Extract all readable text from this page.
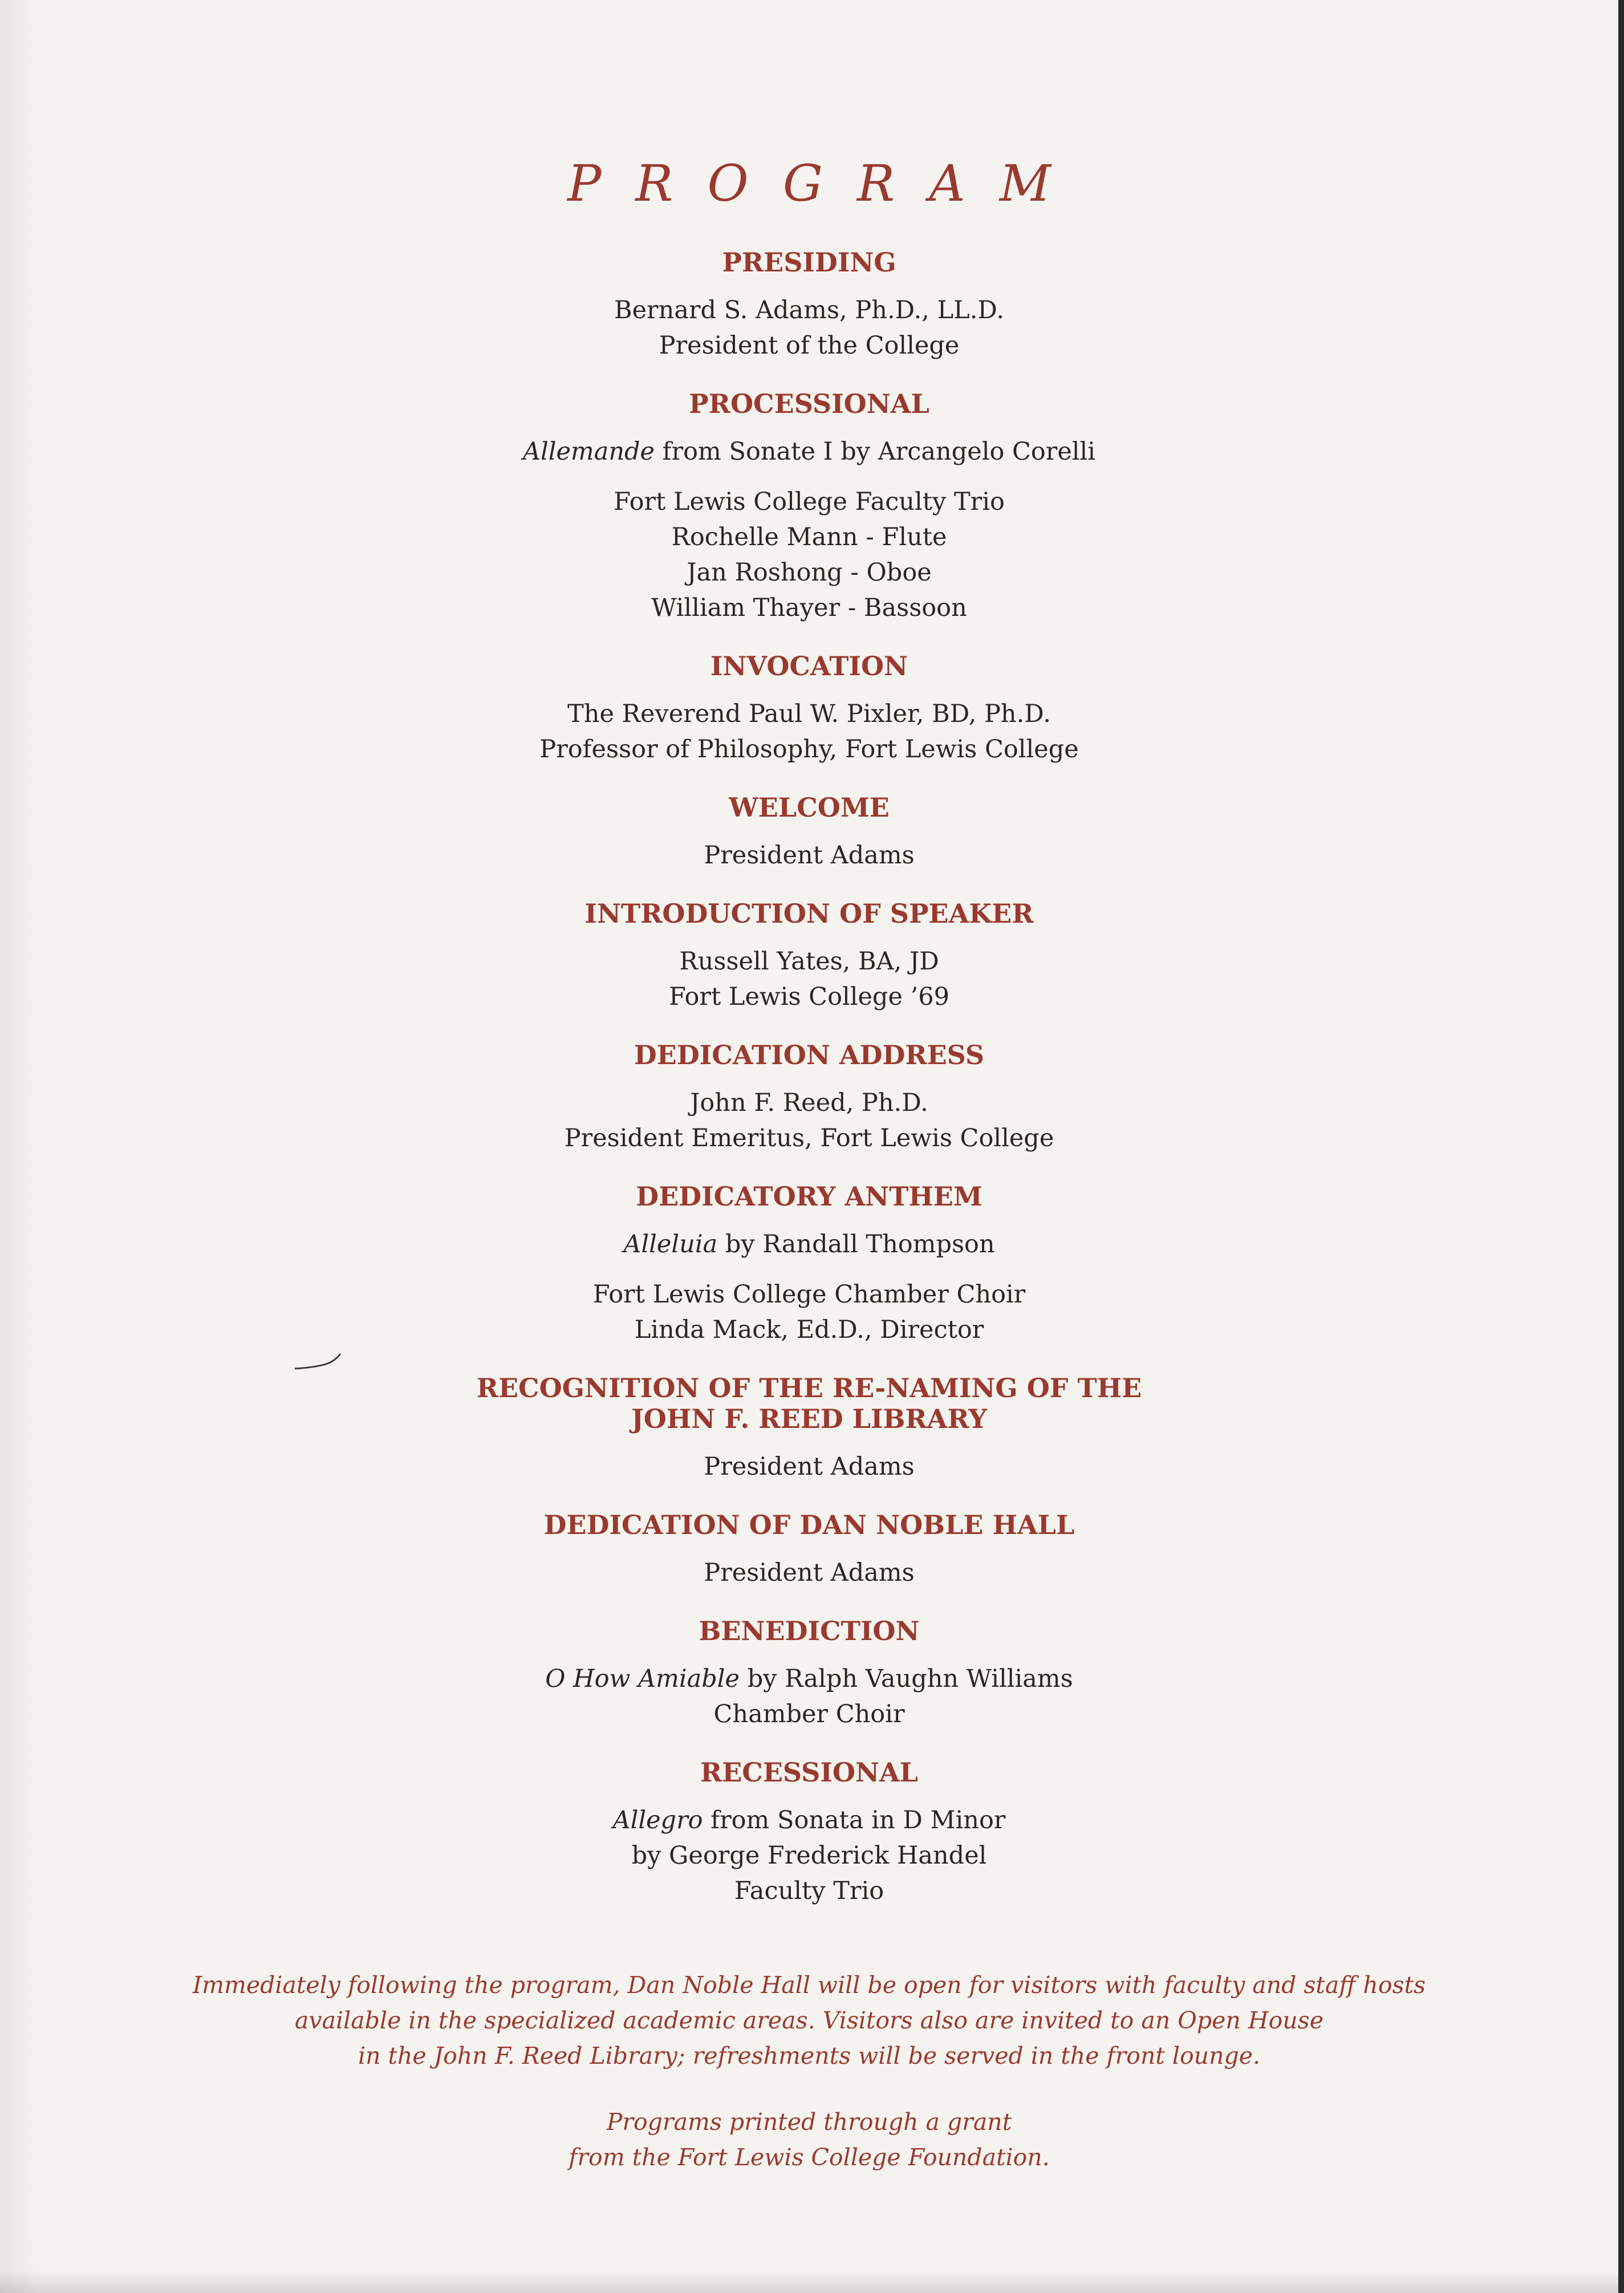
PROGRAM
PRESIDING

Bernard S. Adams, Ph.D., LL.D.

President of the College

PROCESSIONAL

Allemande from Sonate I by Arcangelo Corelli

Fort Lewis College Faculty Trio

Rochelle Mann - Flute

Jan Roshong - Oboe

William Thayer - Bassoon

INVOCATION

The Reverend Paul W. Pixler, BD, Ph.D.

Professor of Philosophy, Fort Lewis College

WELCOME

President Adams

INTRODUCTION OF SPEAKER

Russell Yates, BA, JD

Fort Lewis College ’69

DEDICATION ADDRESS

John F. Reed, Ph.D.

President Emeritus, Fort Lewis College

DEDICATORY ANTHEM

Alleluia by Randall Thompson

Fort Lewis College Chamber Choir

Linda Mack, Ed.D., Director

RECOGNITION OF THE RE-NAMING OF THE
JOHN F. REED LIBRARY

President Adams

DEDICATION OF DAN NOBLE HALL

President Adams

BENEDICTION

O How Amiable by Ralph Vaughn Williams

Chamber Choir

RECESSIONAL

Allegro from Sonata in D Minor

by George Frederick Handel

Faculty Trio

Immediately following the program, Dan Noble Hall will be open for visitors with faculty and staff hosts
available in the specialized academic areas. Visitors also are invited to an Open House
in the John F. Reed Library; refreshments will be served in the front lounge.

Programs printed through a grant
from the Fort Lewis College Foundation.
